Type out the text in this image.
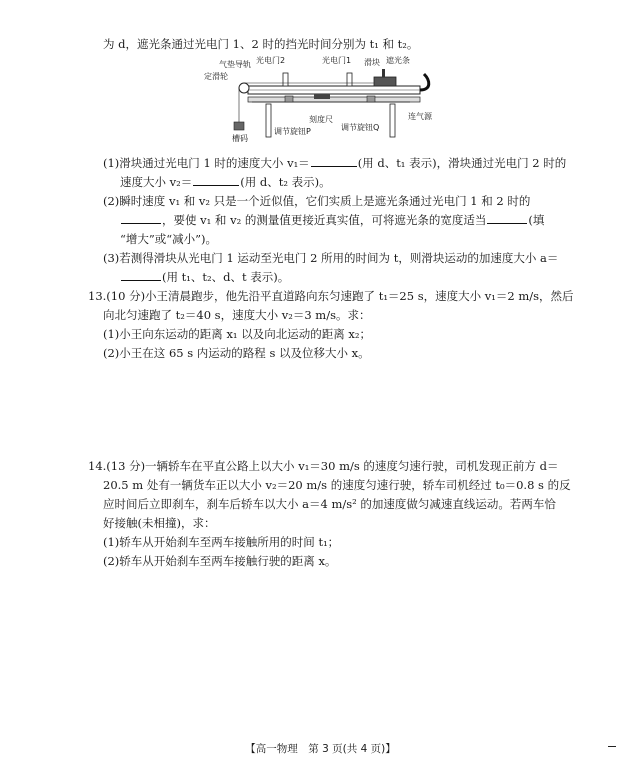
为 d，遮光条通过光电门 1、2 时的挡光时间分别为 t₁ 和 t₂。
气垫导轨 光电门2	光电门1 滑块 遮光条
定滑轮
槽码
刻度尺
调节旋钮P	调节旋钮Q
连气源
(1)滑块通过光电门 1 时的速度大小 v₁＝	(用 d、t₁ 表示)，滑块通过光电门 2 时的
速度大小 v₂＝	(用 d、t₂ 表示)。
(2)瞬时速度 v₁ 和 v₂ 只是一个近似值，它们实质上是遮光条通过光电门 1 和 2 时的
，要使 v₁ 和 v₂ 的测量值更接近真实值，可将遮光条的宽度适当	(填
“增大”或“减小”)。
(3)若测得滑块从光电门 1 运动至光电门 2 所用的时间为 t，则滑块运动的加速度大小 a＝
(用 t₁、t₂、d、t 表示)。
13.(10 分)小王清晨跑步，他先沿平直道路向东匀速跑了 t₁＝25 s，速度大小 v₁＝2 m/s，然后
向北匀速跑了 t₂＝40 s，速度大小 v₂＝3 m/s。求：
(1)小王向东运动的距离 x₁ 以及向北运动的距离 x₂；
(2)小王在这 65 s 内运动的路程 s 以及位移大小 x。
14.(13 分)一辆轿车在平直公路上以大小 v₁＝30 m/s 的速度匀速行驶，司机发现正前方 d＝
20.5 m 处有一辆货车正以大小 v₂＝20 m/s 的速度匀速行驶，轿车司机经过 t₀＝0.8 s 的反
应时间后立即刹车，刹车后轿车以大小 a＝4 m/s² 的加速度做匀减速直线运动。若两车恰
好接触(未相撞)，求：
(1)轿车从开始刹车至两车接触所用的时间 t₁；
(2)轿车从开始刹车至两车接触行驶的距离 x。
【高一物理　第 3 页(共 4 页)】
